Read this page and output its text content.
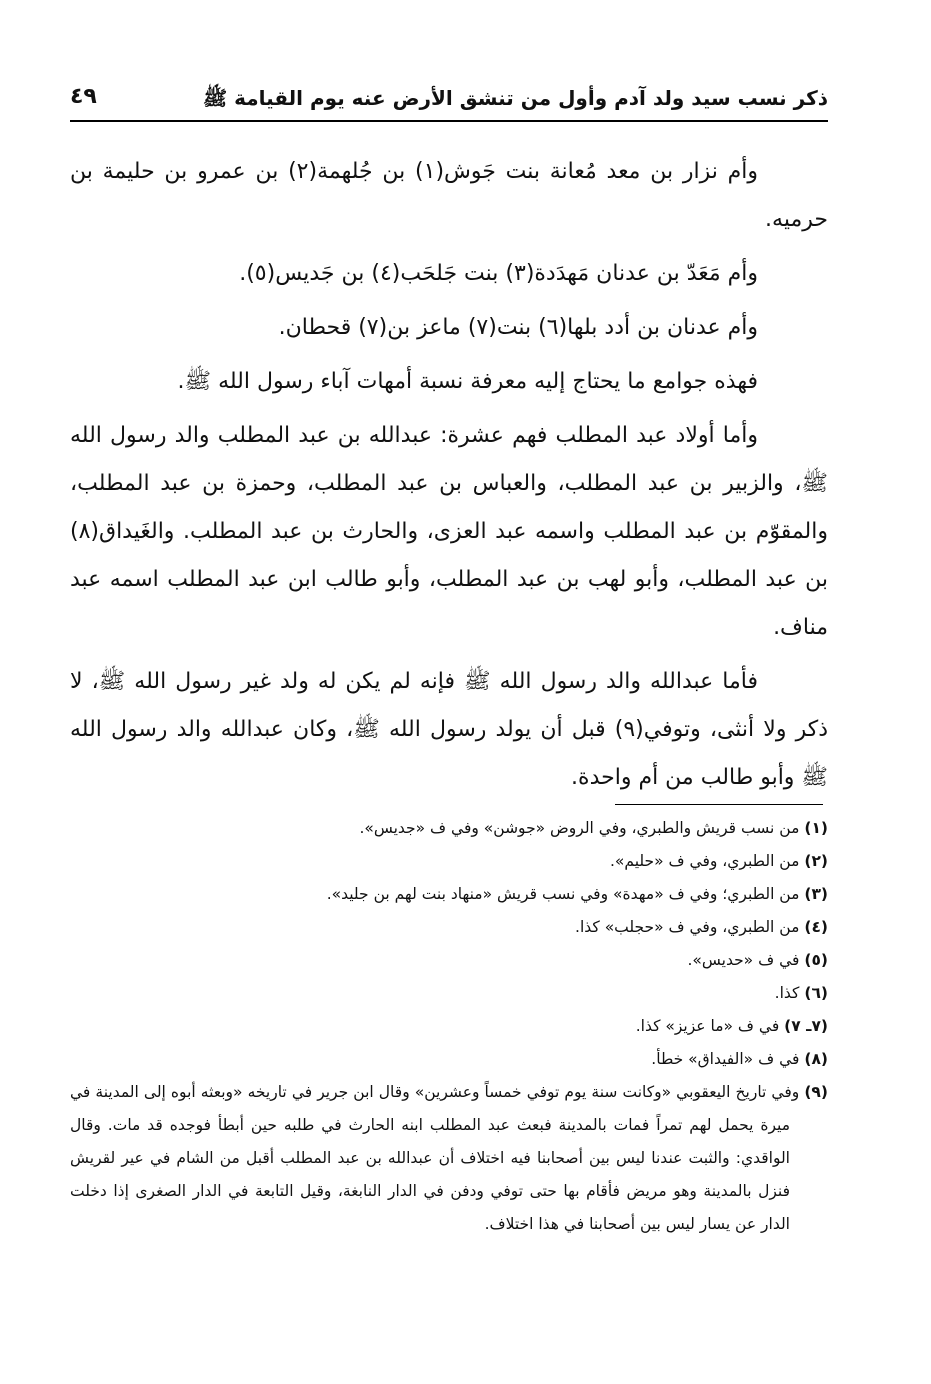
ذكر نسب سيد ولد آدم وأول من تنشق الأرض عنه يوم القيامة ﷺ
٤٩

وأم نزار بن معد مُعانة بنت جَوش(١) بن جُلهمة(٢) بن عمرو بن حليمة بن حرميه.

وأم مَعَدّ بن عدنان مَهدَدة(٣) بنت جَلحَب(٤) بن جَديس(٥).

وأم عدنان بن أدد بلها(٦) بنت(٧) ماعز بن(٧) قحطان.

فهذه جوامع ما يحتاج إليه معرفة نسبة أمهات آباء رسول الله ﷺ.

وأما أولاد عبد المطلب فهم عشرة: عبدالله بن عبد المطلب والد رسول الله ﷺ، والزبير بن عبد المطلب، والعباس بن عبد المطلب، وحمزة بن عبد المطلب، والمقوّم بن عبد المطلب واسمه عبد العزى، والحارث بن عبد المطلب. والغَيداق(٨) بن عبد المطلب، وأبو لهب بن عبد المطلب، وأبو طالب ابن عبد المطلب اسمه عبد مناف.

فأما عبدالله والد رسول الله ﷺ فإنه لم يكن له ولد غير رسول الله ﷺ، لا ذكر ولا أنثى، وتوفي(٩) قبل أن يولد رسول الله ﷺ، وكان عبدالله والد رسول الله ﷺ وأبو طالب من أم واحدة.

(١) من نسب قريش والطبري، وفي الروض «جوشن» وفي ف «جديس».

(٢) من الطبري، وفي ف «حليم».

(٣) من الطبري؛ وفي ف «مهدة» وفي نسب قريش «منهاد بنت لهم بن جليد».

(٤) من الطبري، وفي ف «حجلب» كذا.

(٥) في ف «حديس».

(٦) كذا.

(٧ـ ٧) في ف «ما عزيز» كذا.

(٨) في ف «الفيداق» خطأ.

(٩) وفي تاريخ اليعقوبي «وكانت سنة يوم توفي خمساً وعشرين» وقال ابن جرير في تاريخه «وبعثه أبوه إلى المدينة في ميرة يحمل لهم تمراً فمات بالمدينة فبعث عبد المطلب ابنه الحارث في طلبه حين أبطأ فوجده قد مات. وقال الواقدي: والثبت عندنا ليس بين أصحابنا فيه اختلاف أن عبدالله بن عبد المطلب أقبل من الشام في عير لقريش فنزل بالمدينة وهو مريض فأقام بها حتى توفي ودفن في الدار النابغة، وقيل التابعة في الدار الصغرى إذا دخلت الدار عن يسار ليس بين أصحابنا في هذا اختلاف.
